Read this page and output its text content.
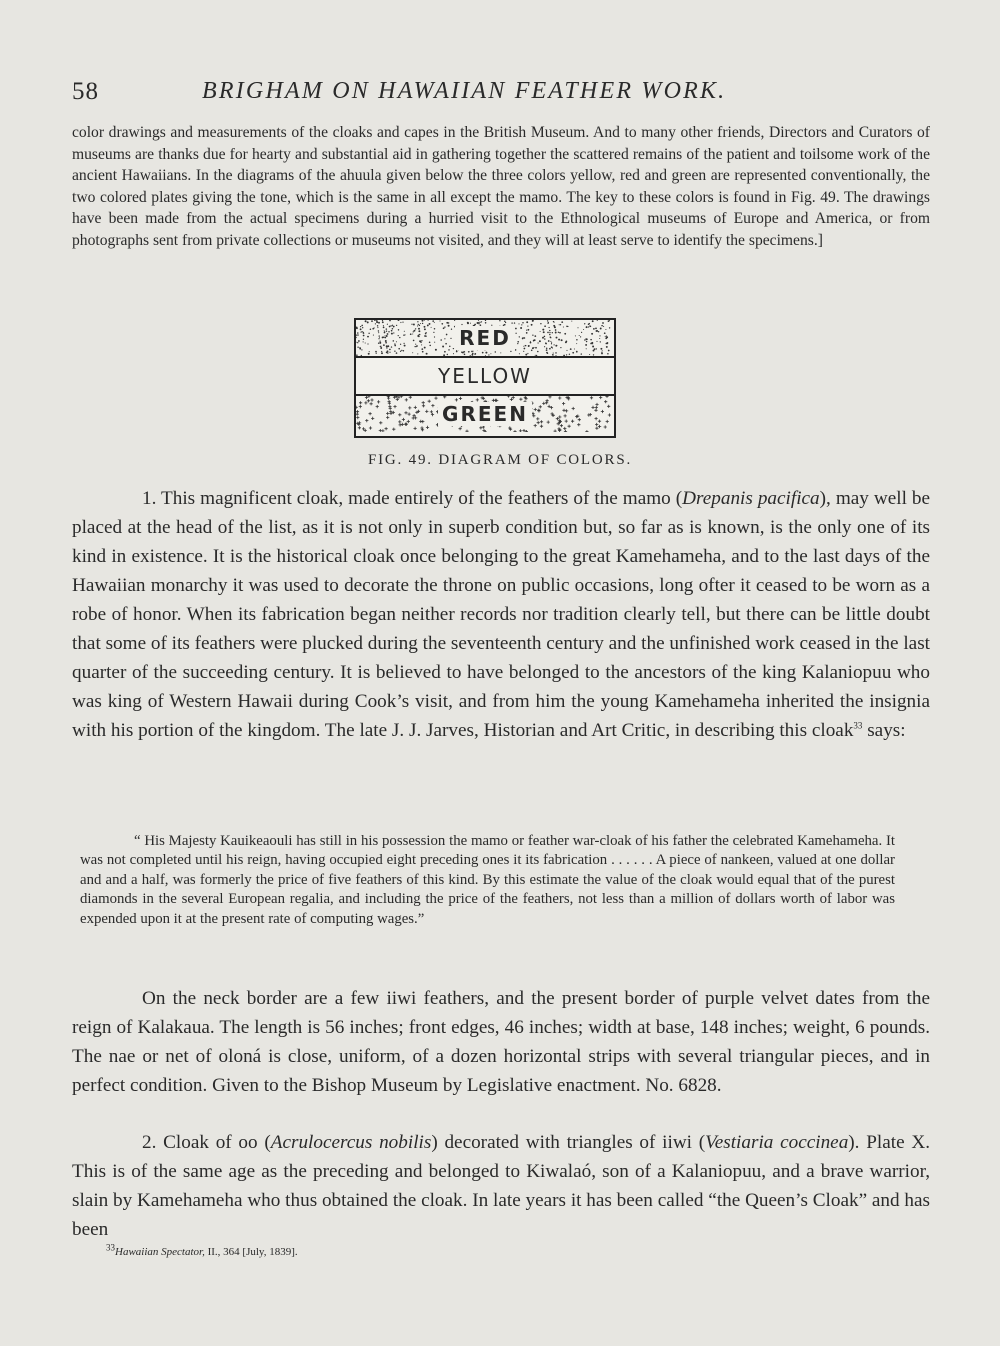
58	BRIGHAM ON HAWAIIAN FEATHER WORK.

color drawings and measurements of the cloaks and capes in the British Museum. And to many other friends, Directors and Curators of museums are thanks due for hearty and substantial aid in gathering together the scattered remains of the patient and toilsome work of the ancient Hawaiians. In the diagrams of the ahuula given below the three colors yellow, red and green are represented conventionally, the two colored plates giving the tone, which is the same in all except the mamo. The key to these colors is found in Fig. 49. The drawings have been made from the actual specimens during a hurried visit to the Ethnological museums of Europe and America, or from photographs sent from private collections or museums not visited, and they will at least serve to identify the specimens.]

RED
YELLOW
GREEN
FIG. 49. DIAGRAM OF COLORS.

1. This magnificent cloak, made entirely of the feathers of the mamo (Drepanis pacifica), may well be placed at the head of the list, as it is not only in superb condition but, so far as is known, is the only one of its kind in existence. It is the historical cloak once belonging to the great Kamehameha, and to the last days of the Hawaiian monarchy it was used to decorate the throne on public occasions, long ofter it ceased to be worn as a robe of honor. When its fabrication began neither records nor tradition clearly tell, but there can be little doubt that some of its feathers were plucked during the seventeenth century and the unfinished work ceased in the last quarter of the succeeding century. It is believed to have belonged to the ancestors of the king Kalaniopuu who was king of Western Hawaii during Cook’s visit, and from him the young Kamehameha inherited the insignia with his portion of the kingdom. The late J. J. Jarves, Historian and Art Critic, in describing this cloak$^{33}$ says:

“ His Majesty Kauikeaouli has still in his possession the mamo or feather war-cloak of his father the celebrated Kamehameha. It was not completed until his reign, having occupied eight preceding ones it its fabrication . . . . . . A piece of nankeen, valued at one dollar and and a half, was formerly the price of five feathers of this kind. By this estimate the value of the cloak would equal that of the purest diamonds in the several European regalia, and including the price of the feathers, not less than a million of dollars worth of labor was expended upon it at the present rate of computing wages.”

On the neck border are a few iiwi feathers, and the present border of purple velvet dates from the reign of Kalakaua. The length is 56 inches; front edges, 46 inches; width at base, 148 inches; weight, 6 pounds. The nae or net of oloná is close, uniform, of a dozen horizontal strips with several triangular pieces, and in perfect condition. Given to the Bishop Museum by Legislative enactment. No. 6828.

2. Cloak of oo (Acrulocercus nobilis) decorated with triangles of iiwi (Vestiaria coccinea). Plate X. This is of the same age as the preceding and belonged to Kiwalaó, son of a Kalaniopuu, and a brave warrior, slain by Kamehameha who thus obtained the cloak. In late years it has been called “the Queen’s Cloak” and has been

$^{33}$Hawaiian Spectator, II., 364 [July, 1839].
